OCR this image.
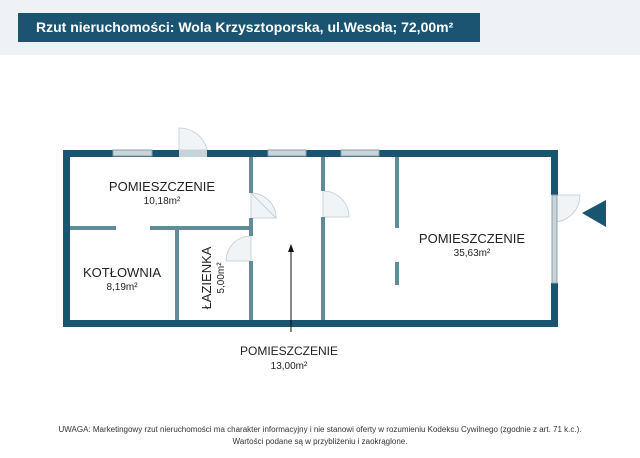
Rzut nieruchomości: Wola Krzysztoporska, ul.Wesoła; 72,00m²
POMIESZCZENIE
10,18m²
KOTŁOWNIA
8,19m²	ŁAZIENKA 5,00m²
POMIESZCZENIE
13,00m²
POMIESZCZENIE
35,63m²
UWAGA: Marketingowy rzut nieruchomości ma charakter informacyjny i nie stanowi oferty w rozumieniu Kodeksu Cywilnego (zgodnie z art. 71 k.c.).
Wartości podane są w przybliżeniu i zaokrąglone.
